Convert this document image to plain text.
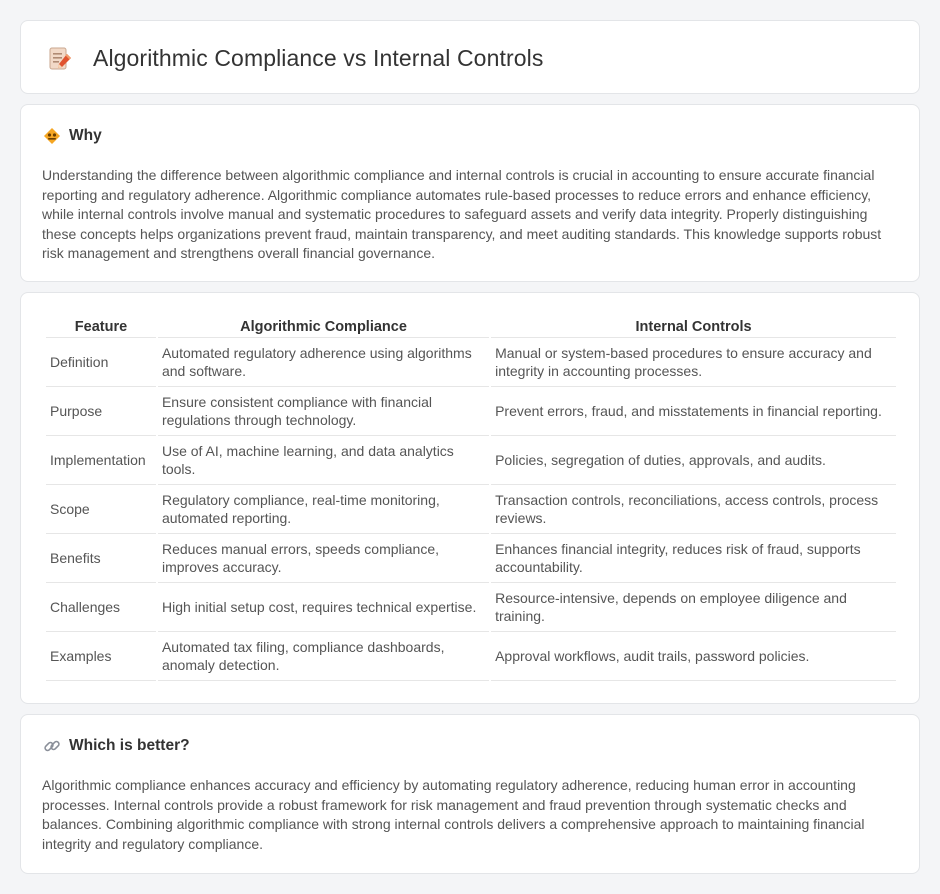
Algorithmic Compliance vs Internal Controls
Why

Understanding the difference between algorithmic compliance and internal controls is crucial in accounting to ensure accurate financial reporting and regulatory adherence. Algorithmic compliance automates rule-based processes to reduce errors and enhance efficiency, while internal controls involve manual and systematic procedures to safeguard assets and verify data integrity. Properly distinguishing these concepts helps organizations prevent fraud, maintain transparency, and meet auditing standards. This knowledge supports robust risk management and strengthens overall financial governance.

Feature	Algorithmic Compliance	Internal Controls
Definition	Automated regulatory adherence using algorithms and software.	Manual or system-based procedures to ensure accuracy and integrity in accounting processes.
Purpose	Ensure consistent compliance with financial regulations through technology.	Prevent errors, fraud, and misstatements in financial reporting.
Implementation	Use of AI, machine learning, and data analytics tools.	Policies, segregation of duties, approvals, and audits.
Scope	Regulatory compliance, real-time monitoring, automated reporting.	Transaction controls, reconciliations, access controls, process reviews.
Benefits	Reduces manual errors, speeds compliance, improves accuracy.	Enhances financial integrity, reduces risk of fraud, supports accountability.
Challenges	High initial setup cost, requires technical expertise.	Resource-intensive, depends on employee diligence and training.
Examples	Automated tax filing, compliance dashboards, anomaly detection.	Approval workflows, audit trails, password policies.
Which is better?

Algorithmic compliance enhances accuracy and efficiency by automating regulatory adherence, reducing human error in accounting processes. Internal controls provide a robust framework for risk management and fraud prevention through systematic checks and balances. Combining algorithmic compliance with strong internal controls delivers a comprehensive approach to maintaining financial integrity and regulatory compliance.
